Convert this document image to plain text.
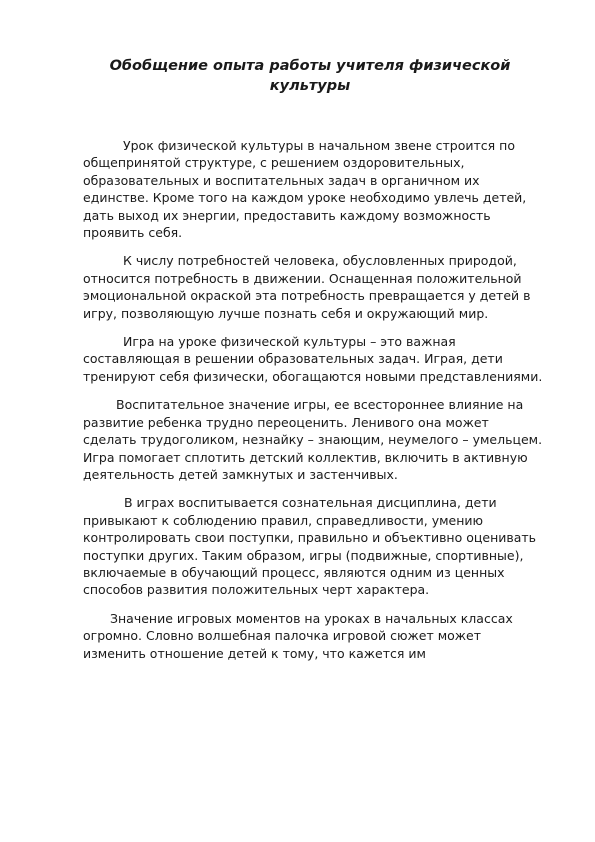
Обобщение опыта работы учителя физической культуры

Урок физической культуры в начальном звене строится по общепринятой структуре, с решением оздоровительных, образовательных и воспитательных задач в органичном их единстве. Кроме того на каждом уроке необходимо увлечь детей, дать выход их энергии, предоставить каждому возможность проявить себя.

К числу потребностей человека, обусловленных природой, относится потребность в движении. Оснащенная положительной эмоциональной окраской эта потребность превращается у детей в игру, позволяющую лучше познать себя и окружающий мир.

Игра на уроке физической культуры – это важная составляющая в решении образовательных задач. Играя, дети тренируют себя физически, обогащаются новыми представлениями.

Воспитательное значение игры, ее всестороннее влияние на развитие ребенка трудно переоценить. Ленивого она может сделать трудоголиком, незнайку – знающим, неумелого – умельцем. Игра помогает сплотить детский коллектив, включить в активную деятельность детей замкнутых и застенчивых.

В играх воспитывается сознательная дисциплина, дети привыкают к соблюдению правил, справедливости, умению контролировать свои поступки, правильно и объективно оценивать поступки других. Таким образом, игры (подвижные, спортивные), включаемые в обучающий процесс, являются одним из ценных способов развития положительных черт характера.

Значение игровых моментов на уроках в начальных классах огромно. Словно волшебная палочка игровой сюжет может изменить отношение детей к тому, что кажется им
